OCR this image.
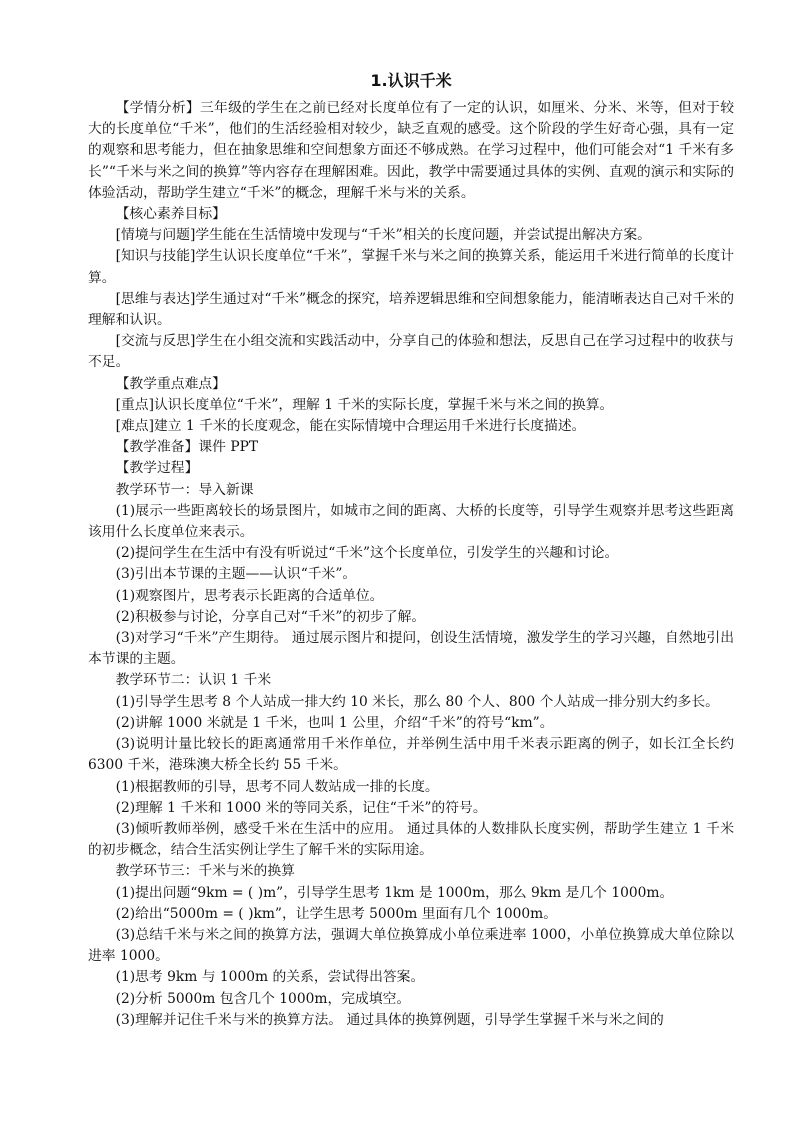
1.认识千米

【学情分析】三年级的学生在之前已经对长度单位有了一定的认识，如厘米、分米、米等，但对于较大的长度单位“千米”，他们的生活经验相对较少，缺乏直观的感受。这个阶段的学生好奇心强，具有一定的观察和思考能力，但在抽象思维和空间想象方面还不够成熟。在学习过程中，他们可能会对“1 千米有多长”“千米与米之间的换算”等内容存在理解困难。因此，教学中需要通过具体的实例、直观的演示和实际的体验活动，帮助学生建立“千米”的概念，理解千米与米的关系。

【核心素养目标】

[情境与问题]学生能在生活情境中发现与“千米”相关的长度问题，并尝试提出解决方案。

[知识与技能]学生认识长度单位“千米”，掌握千米与米之间的换算关系，能运用千米进行简单的长度计算。

[思维与表达]学生通过对“千米”概念的探究，培养逻辑思维和空间想象能力，能清晰表达自己对千米的理解和认识。

[交流与反思]学生在小组交流和实践活动中，分享自己的体验和想法，反思自己在学习过程中的收获与不足。

【教学重点难点】

[重点]认识长度单位“千米”，理解 1 千米的实际长度，掌握千米与米之间的换算。

[难点]建立 1 千米的长度观念，能在实际情境中合理运用千米进行长度描述。

【教学准备】课件 PPT

【教学过程】

教学环节一：导入新课

(1)展示一些距离较长的场景图片，如城市之间的距离、大桥的长度等，引导学生观察并思考这些距离该用什么长度单位来表示。

(2)提问学生在生活中有没有听说过“千米”这个长度单位，引发学生的兴趣和讨论。

(3)引出本节课的主题——认识“千米”。

(1)观察图片，思考表示长距离的合适单位。

(2)积极参与讨论，分享自己对“千米”的初步了解。

(3)对学习“千米”产生期待。 通过展示图片和提问，创设生活情境，激发学生的学习兴趣，自然地引出本节课的主题。

教学环节二：认识 1 千米

(1)引导学生思考 8 个人站成一排大约 10 米长，那么 80 个人、800 个人站成一排分别大约多长。

(2)讲解 1000 米就是 1 千米，也叫 1 公里，介绍“千米”的符号“km”。

(3)说明计量比较长的距离通常用千米作单位，并举例生活中用千米表示距离的例子，如长江全长约 6300 千米，港珠澳大桥全长约 55 千米。

(1)根据教师的引导，思考不同人数站成一排的长度。

(2)理解 1 千米和 1000 米的等同关系，记住“千米”的符号。

(3)倾听教师举例，感受千米在生活中的应用。 通过具体的人数排队长度实例，帮助学生建立 1 千米的初步概念，结合生活实例让学生了解千米的实际用途。

教学环节三：千米与米的换算

(1)提出问题“9km = ( )m”，引导学生思考 1km 是 1000m，那么 9km 是几个 1000m。

(2)给出“5000m = ( )km”，让学生思考 5000m 里面有几个 1000m。

(3)总结千米与米之间的换算方法，强调大单位换算成小单位乘进率 1000，小单位换算成大单位除以进率 1000。

(1)思考 9km 与 1000m 的关系，尝试得出答案。

(2)分析 5000m 包含几个 1000m，完成填空。

(3)理解并记住千米与米的换算方法。 通过具体的换算例题，引导学生掌握千米与米之间的
